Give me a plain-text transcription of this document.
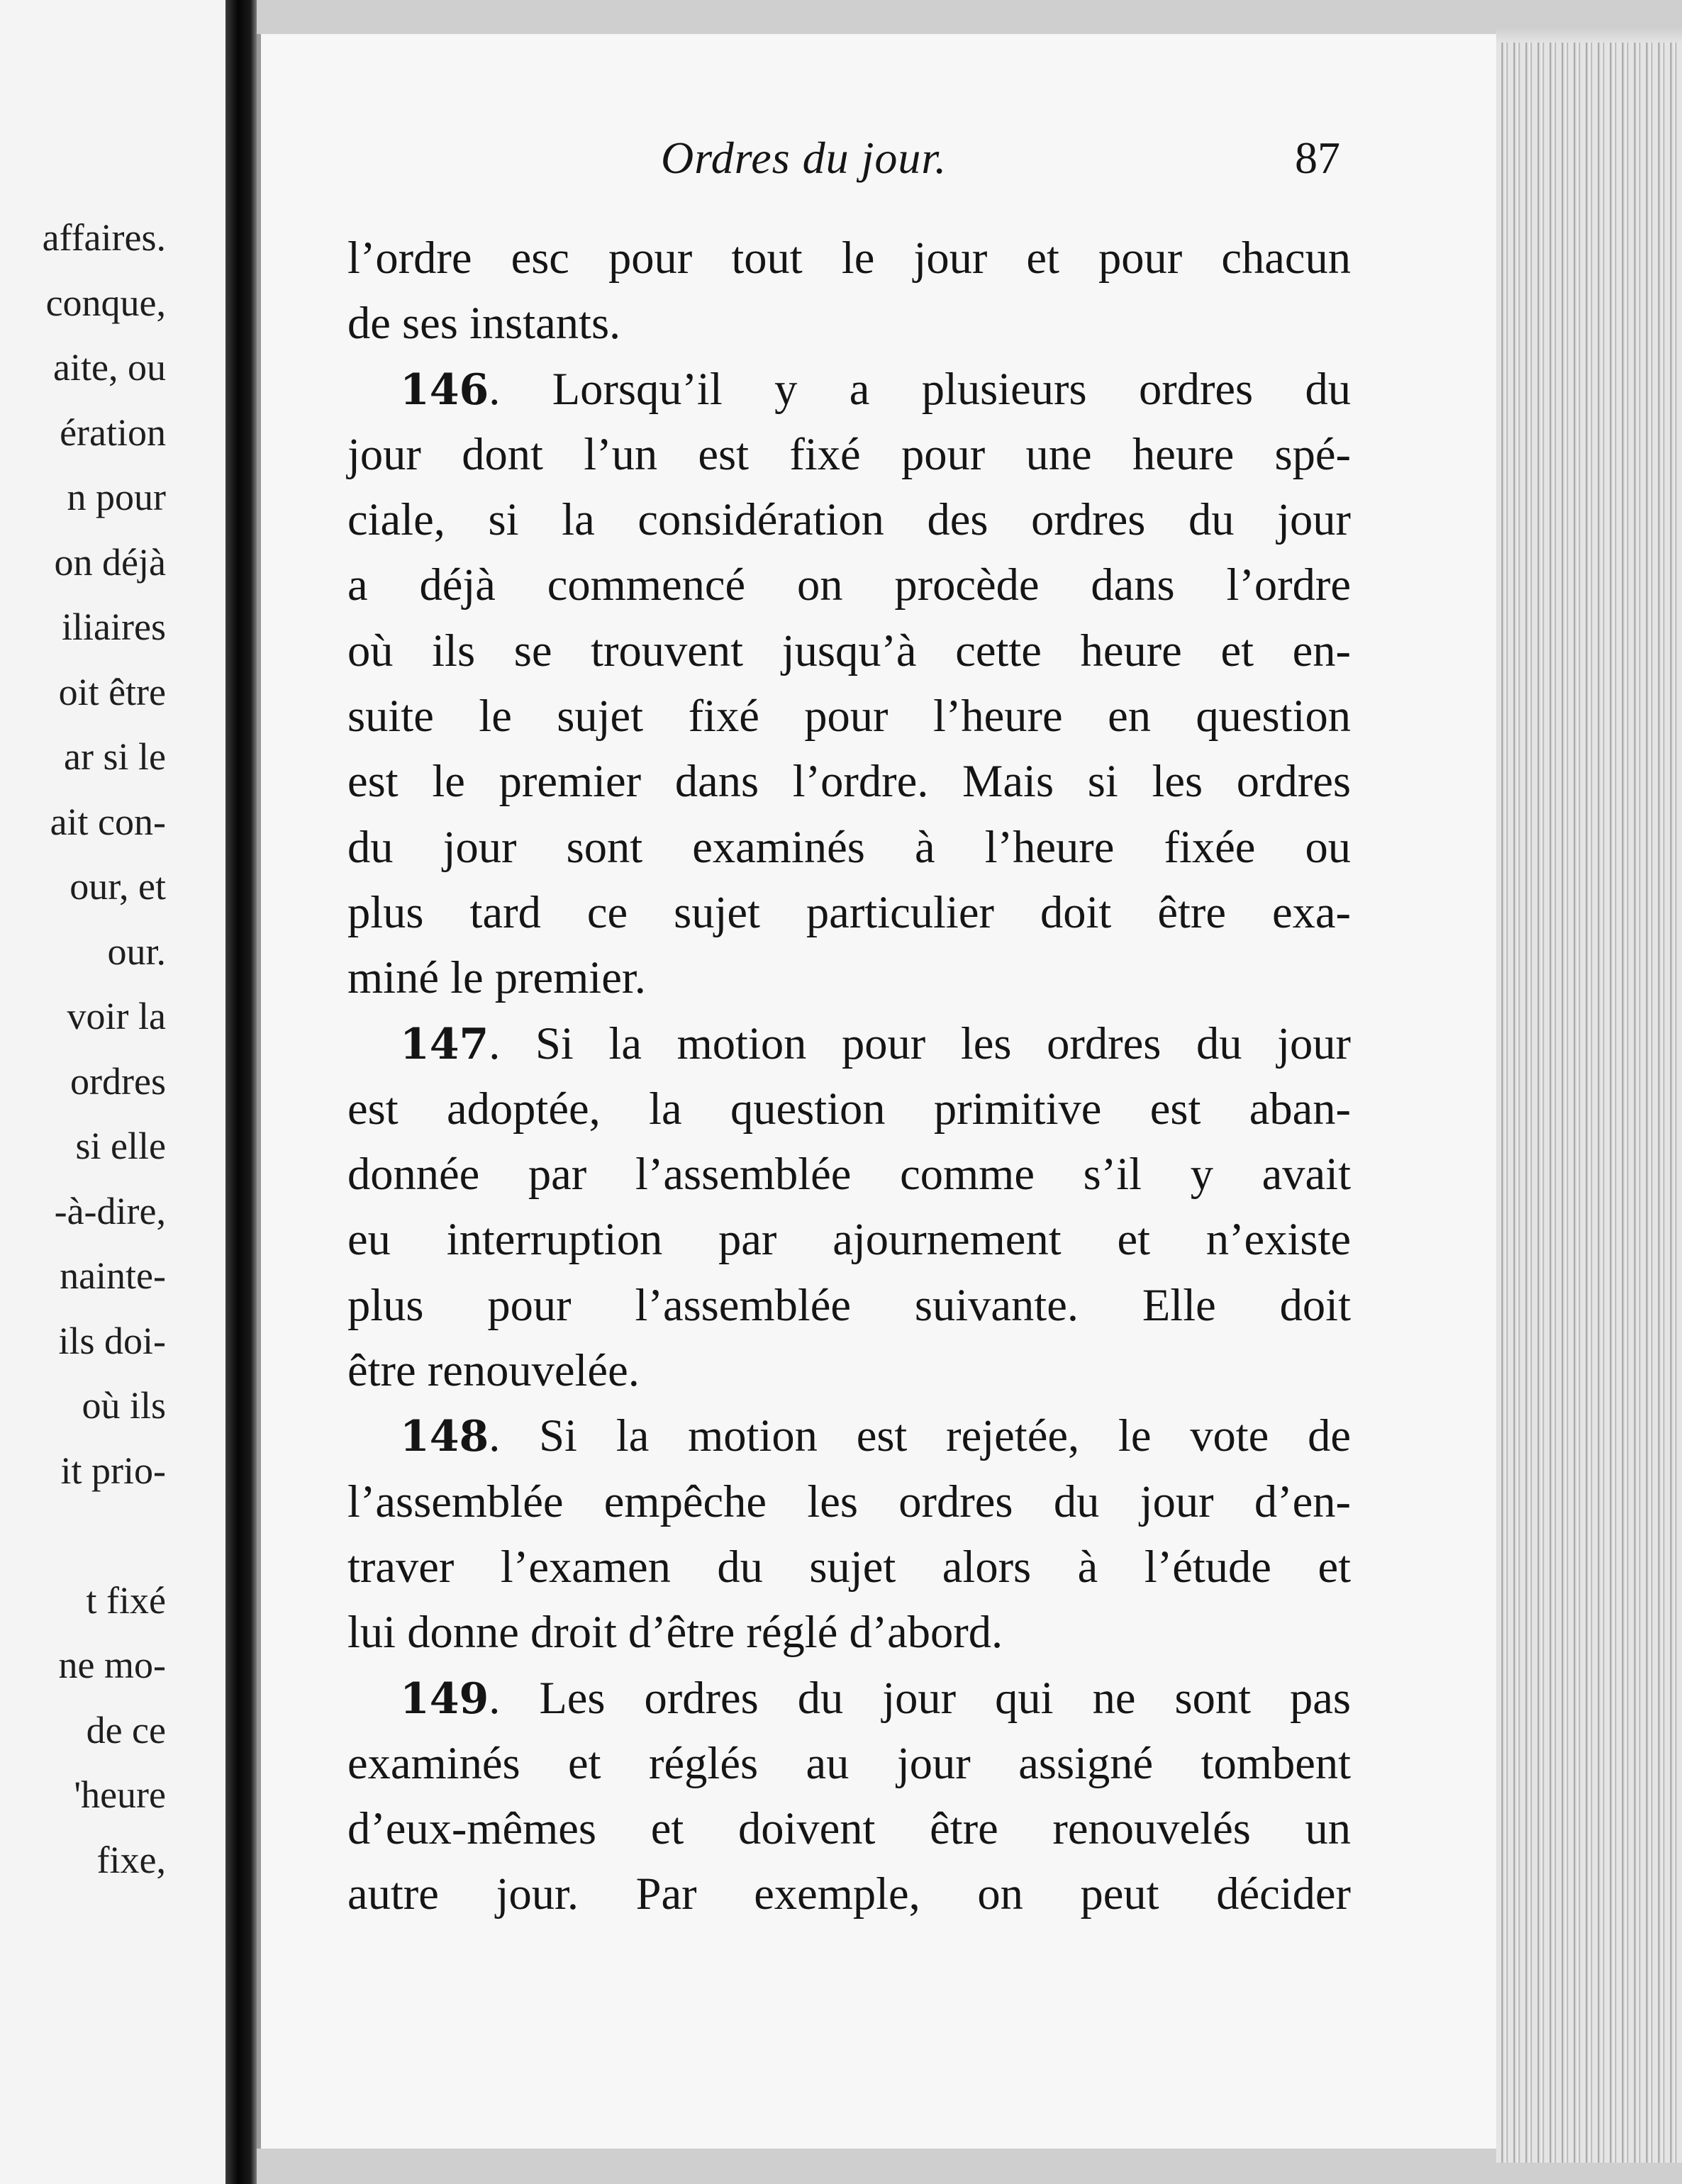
affaires.
conque,
aite, ou
ération
n pour
on déjà
iliaires
oit être
ar si le
ait con-
our, et
our.
voir la
ordres
si elle
-à-dire,
nainte-
ils doi-
où ils
it prio-
t fixé
ne mo-
de ce
'heure
fixe,
Ordres du jour.	87
l’ordre esc pour tout le jour et pour chacun
de ses instants.
146. Lorsqu’il y a plusieurs ordres du
jour dont l’un est fixé pour une heure spé-
ciale, si la considération des ordres du jour
a déjà commencé on procède dans l’ordre
où ils se trouvent jusqu’à cette heure et en-
suite le sujet fixé pour l’heure en question
est le premier dans l’ordre. Mais si les ordres
du jour sont examinés à l’heure fixée ou
plus tard ce sujet particulier doit être exa-
miné le premier.
147. Si la motion pour les ordres du jour
est adoptée, la question primitive est aban-
donnée par l’assemblée comme s’il y avait
eu interruption par ajournement et n’existe
plus pour l’assemblée suivante. Elle doit
être renouvelée.
148. Si la motion est rejetée, le vote de
l’assemblée empêche les ordres du jour d’en-
traver l’examen du sujet alors à l’étude et
lui donne droit d’être réglé d’abord.
149. Les ordres du jour qui ne sont pas
examinés et réglés au jour assigné tombent
d’eux-mêmes et doivent être renouvelés un
autre jour. Par exemple, on peut décider
